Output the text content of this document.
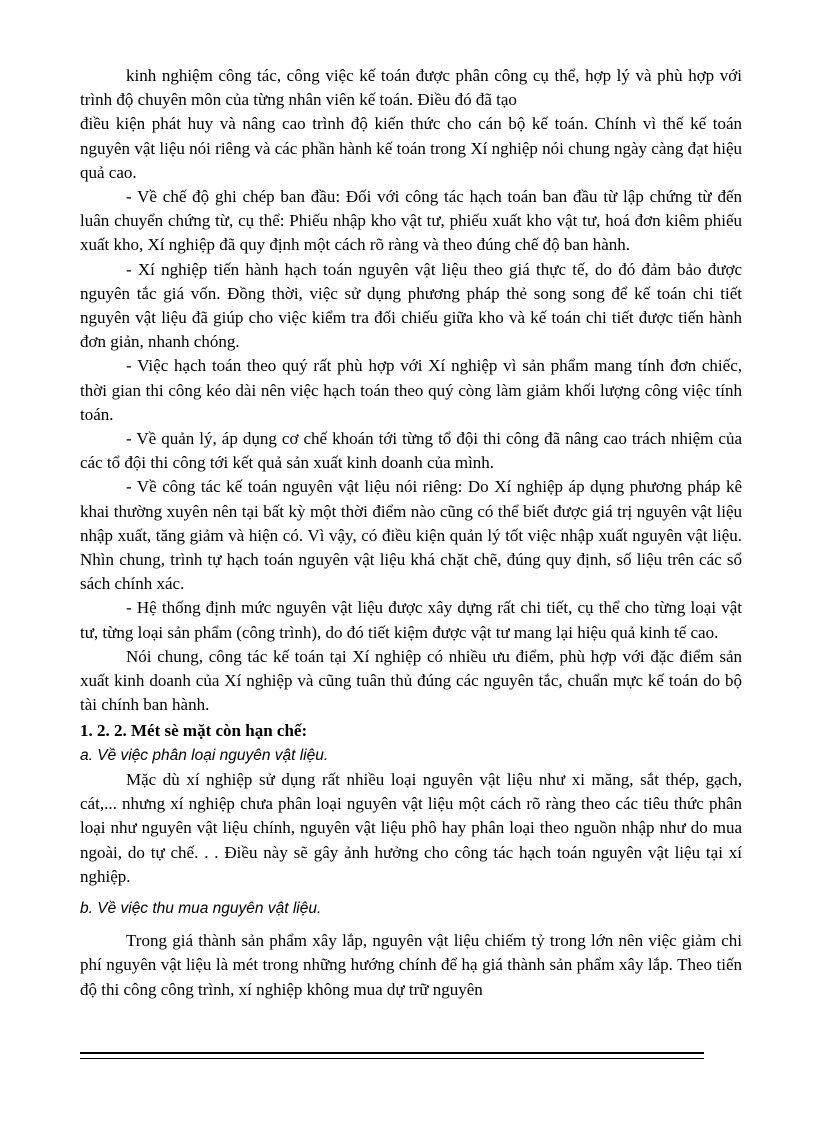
kinh nghiệm công tác, công việc kế toán được phân công cụ thể, hợp lý và phù hợp với trình độ chuyên môn của từng nhân viên kế toán. Điều đó đã tạo

điều kiện phát huy và nâng cao trình độ kiến thức cho cán bộ kế toán. Chính vì thế kế toán nguyên vật liệu nói riêng và các phần hành kế toán trong Xí nghiệp nói chung ngày càng đạt hiệu quả cao.

- Về chế độ ghi chép ban đầu: Đối với công tác hạch toán ban đầu từ lập chứng từ đến luân chuyển chứng từ, cụ thể: Phiếu nhập kho vật tư, phiếu xuất kho vật tư, hoá đơn kiêm phiếu xuất kho, Xí nghiệp đã quy định một cách rõ ràng và theo đúng chế độ ban hành.

- Xí nghiệp tiến hành hạch toán nguyên vật liệu theo giá thực tế, do đó đảm bảo được nguyên tắc giá vốn. Đồng thời, việc sử dụng phương pháp thẻ song song để kế toán chi tiết nguyên vật liệu đã giúp cho việc kiểm tra đối chiếu giữa kho và kế toán chi tiết được tiến hành đơn giản, nhanh chóng.

- Việc hạch toán theo quý rất phù hợp với Xí nghiệp vì sản phẩm mang tính đơn chiếc, thời gian thi công kéo dài nên việc hạch toán theo quý còng làm giảm khối lượng công việc tính toán.

- Về quản lý, áp dụng cơ chế khoán tới từng tổ đội thi công đã nâng cao trách nhiệm của các tổ đội thi công tới kết quả sản xuất kinh doanh của mình.

- Về công tác kế toán nguyên vật liệu nói riêng: Do Xí nghiệp áp dụng phương pháp kê khai thường xuyên nên tại bất kỳ một thời điểm nào cũng có thể biết được giá trị nguyên vật liệu nhập xuất, tăng giảm và hiện có. Vì vậy, có điều kiện quản lý tốt việc nhập xuất nguyên vật liệu. Nhìn chung, trình tự hạch toán nguyên vật liệu khá chặt chẽ, đúng quy định, số liệu trên các sổ sách chính xác.

- Hệ thống định mức nguyên vật liệu được xây dựng rất chi tiết, cụ thể cho từng loại vật tư, từng loại sản phẩm (công trình), do đó tiết kiệm được vật tư mang lại hiệu quả kinh tế cao.

Nói chung, công tác kế toán tại Xí nghiệp có nhiều ưu điểm, phù hợp với đặc điểm sản xuất kinh doanh của Xí nghiệp và cũng tuân thủ đúng các nguyên tắc, chuẩn mực kế toán do bộ tài chính ban hành.

1. 2. 2. Mét sè mặt còn hạn chế:

a. Về việc phân loại nguyên vật liệu.

Mặc dù xí nghiệp sử dụng rất nhiều loại nguyên vật liệu như xi măng, sắt thép, gạch, cát,... nhưng xí nghiệp chưa phân loại nguyên vật liệu một cách rõ ràng theo các tiêu thức phân loại như nguyên vật liệu chính, nguyên vật liệu phô hay phân loại theo nguồn nhập như do mua ngoài, do tự chế. . . Điều này sẽ gây ảnh hưởng cho công tác hạch toán nguyên vật liệu tại xí nghiệp.

b. Về việc thu mua nguyên vật liệu.

Trong giá thành sản phẩm xây lắp, nguyên vật liệu chiếm tỷ trong lớn nên việc giảm chi phí nguyên vật liệu là mét trong những hướng chính để hạ giá thành sản phẩm xây lắp. Theo tiến độ thi công công trình, xí nghiệp không mua dự trữ nguyên
